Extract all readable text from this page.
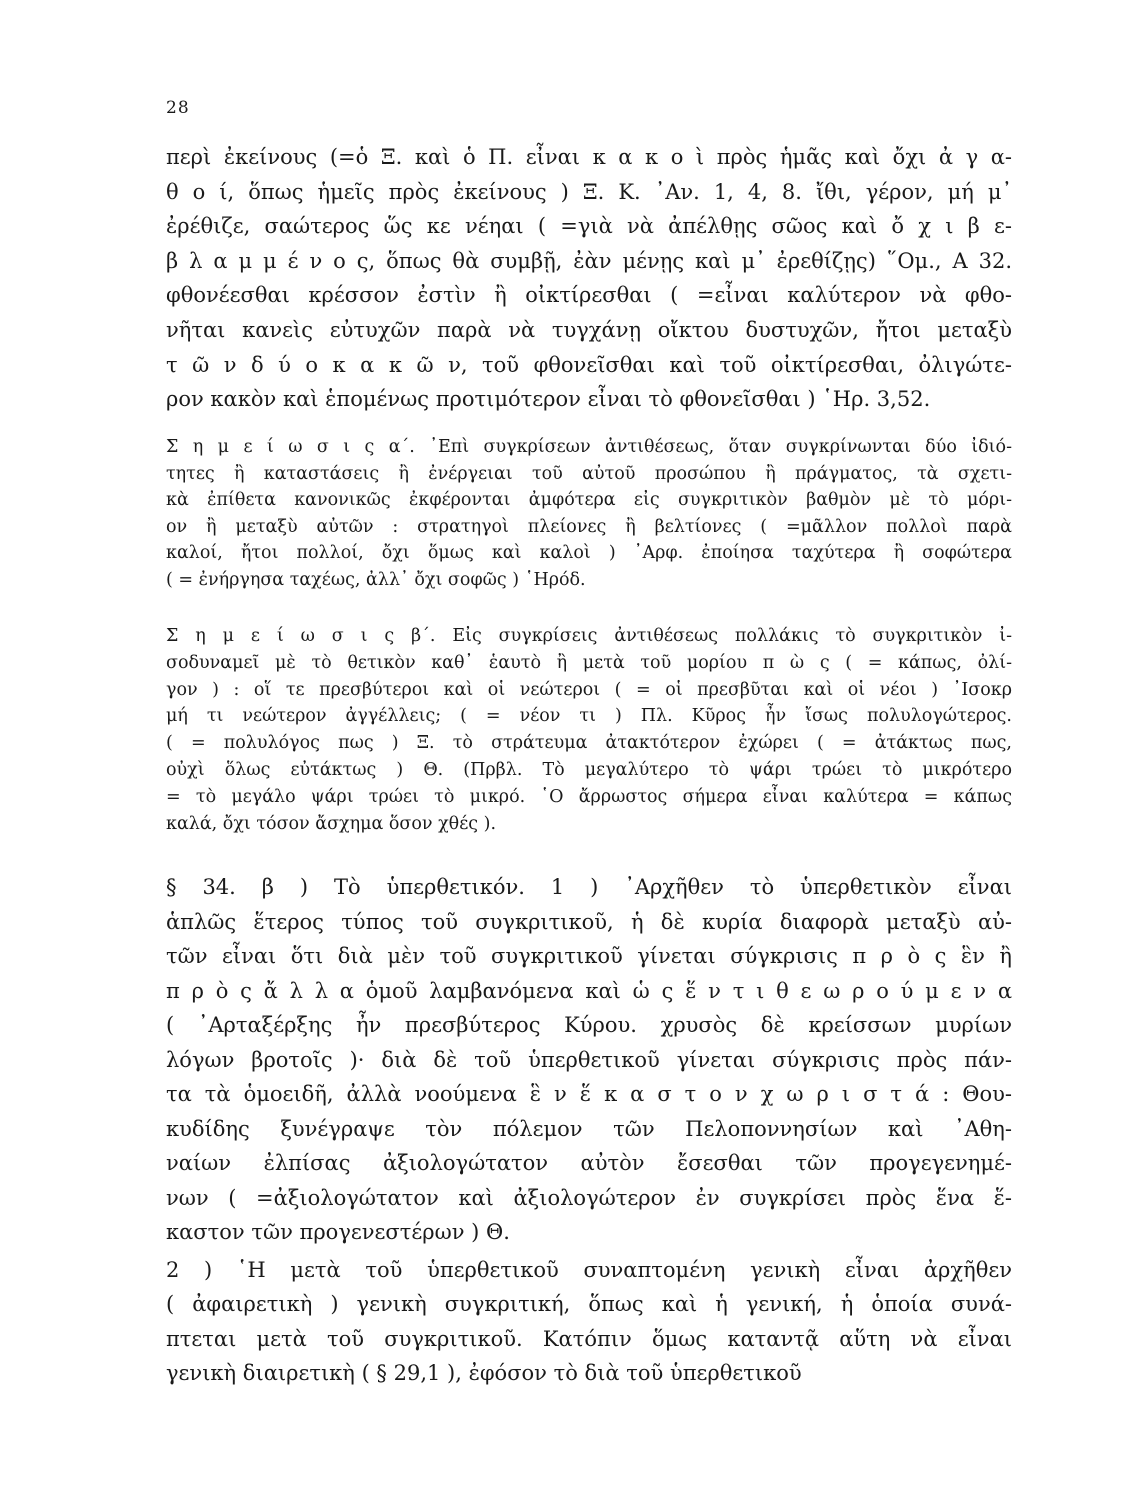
28
περὶ ἐκείνους (=ὁ Ξ. καὶ ὁ Π. εἶναι κ α κ ο ὶ πρὸς ἡμᾶς καὶ ὄχι ἀ γ α-
θ ο ί, ὅπως ἡμεῖς πρὸς ἐκείνους ) Ξ. Κ. ᾿Αν. 1, 4, 8. ἴθι, γέρον, μή μ᾿
ἐρέθιζε, σαώτερος ὥς κε νέηαι ( =γιὰ νὰ ἀπέλθῃς σῶος καὶ ὄ χ ι β ε-
β λ α μ μ έ ν ο ς, ὅπως θὰ συμβῇ, ἐὰν μένῃς καὶ μ᾿ ἐρεθίζῃς) ῞Ομ., Α 32.
φθονέεσθαι κρέσσον ἐστὶν ἢ οἰκτίρεσθαι ( =εἶναι καλύτερον νὰ φθο-
νῆται κανεὶς εὐτυχῶν παρὰ νὰ τυγχάνῃ οἴκτου δυστυχῶν, ἤτοι μεταξὺ
τ ῶ ν δ ύ ο κ α κ ῶ ν, τοῦ φθονεῖσθαι καὶ τοῦ οἰκτίρεσθαι, ὀλιγώτε-
ρον κακὸν καὶ ἑπομένως προτιμότερον εἶναι τὸ φθονεῖσθαι ) ῾Ηρ. 3,52.
Σ η μ ε ί ω σ ι ς α΄. ᾿Επὶ συγκρίσεων ἀντιθέσεως, ὅταν συγκρίνωνται δύο ἰδιό-
τητες ἢ καταστάσεις ἢ ἐνέργειαι τοῦ αὐτοῦ προσώπου ἢ πράγματος, τὰ σχετι-
κὰ ἐπίθετα κανονικῶς ἐκφέρονται ἀμφότερα εἰς συγκριτικὸν βαθμὸν μὲ τὸ μόρι-
ον ἢ μεταξὺ αὐτῶν : στρατηγοὶ πλείονες ἢ βελτίονες ( =μᾶλλον πολλοὶ παρὰ
καλοί, ἤτοι πολλοί, ὄχι ὅμως καὶ καλοὶ ) ᾿Αρφ. ἐποίησα ταχύτερα ἢ σοφώτερα
( = ἐνήργησα ταχέως, ἀλλ᾿ ὄχι σοφῶς ) ῾Ηρόδ.
Σ η μ ε ί ω σ ι ς β΄. Εἰς συγκρίσεις ἀντιθέσεως πολλάκις τὸ συγκριτικὸν ἰ-
σοδυναμεῖ μὲ τὸ θετικὸν καθ᾿ ἑαυτὸ ἢ μετὰ τοῦ μορίου π ὼ ς ( = κάπως, ὀλί-
γον ) : οἵ τε πρεσβύτεροι καὶ οἱ νεώτεροι ( = οἱ πρεσβῦται καὶ οἱ νέοι ) ᾿Ισοκρ
μή τι νεώτερον ἀγγέλλεις; ( = νέον τι ) Πλ. Κῦρος ἦν ἴσως πολυλογώτερος.
( = πολυλόγος πως ) Ξ. τὸ στράτευμα ἀτακτότερον ἐχώρει ( = ἀτάκτως πως,
οὐχὶ ὅλως εὐτάκτως ) Θ. (Πρβλ. Τὸ μεγαλύτερο τὸ ψάρι τρώει τὸ μικρότερο
= τὸ μεγάλο ψάρι τρώει τὸ μικρό. ῾Ο ἄρρωστος σήμερα εἶναι καλύτερα = κάπως
καλά, ὄχι τόσον ἄσχημα ὅσον χθές ).
§ 34. β ) Τὸ ὑπερθετικόν. 1 ) ᾿Αρχῆθεν τὸ ὑπερθετικὸν εἶναι
ἁπλῶς ἕτερος τύπος τοῦ συγκριτικοῦ, ἡ δὲ κυρία διαφορὰ μεταξὺ αὐ-
τῶν εἶναι ὅτι διὰ μὲν τοῦ συγκριτικοῦ γίνεται σύγκρισις π ρ ὸ ς ἓν ἢ
π ρ ὸ ς ἄ λ λ α ὁμοῦ λαμβανόμενα καὶ ὡ ς ἕ ν τ ι θ ε ω ρ ο ύ μ ε ν α
( ᾿Αρταξέρξης ἦν πρεσβύτερος Κύρου. χρυσὸς δὲ κρείσσων μυρίων
λόγων βροτοῖς )· διὰ δὲ τοῦ ὑπερθετικοῦ γίνεται σύγκρισις πρὸς πάν-
τα τὰ ὁμοειδῆ, ἀλλὰ νοούμενα ἓ ν ἕ κ α σ τ ο ν χ ω ρ ι σ τ ά : Θου-
κυδίδης ξυνέγραψε τὸν πόλεμον τῶν Πελοποννησίων καὶ ᾿Αθη-
ναίων ἐλπίσας ἀξιολογώτατον αὐτὸν ἔσεσθαι τῶν προγεγενημέ-
νων ( =ἀξιολογώτατον καὶ ἀξιολογώτερον ἐν συγκρίσει πρὸς ἕνα ἕ-
καστον τῶν προγενεστέρων ) Θ.
2 ) ῾Η μετὰ τοῦ ὑπερθετικοῦ συναπτομένη γενικὴ εἶναι ἀρχῆθεν
( ἀφαιρετικὴ ) γενικὴ συγκριτική, ὅπως καὶ ἡ γενική, ἡ ὁποία συνά-
πτεται μετὰ τοῦ συγκριτικοῦ. Κατόπιν ὅμως καταντᾷ αὕτη νὰ εἶναι
γενικὴ διαιρετικὴ ( § 29,1 ), ἐφόσον τὸ διὰ τοῦ ὑπερθετικοῦ
